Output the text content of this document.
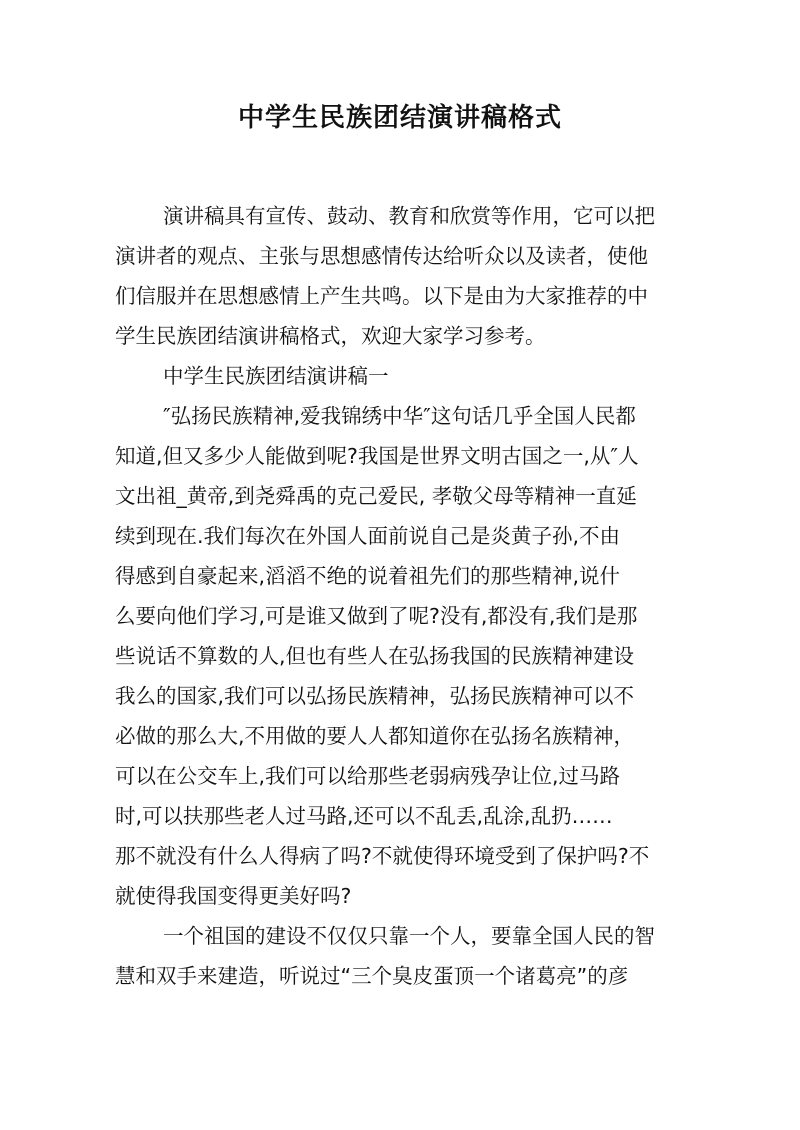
中学生民族团结演讲稿格式
演讲稿具有宣传、鼓动、教育和欣赏等作用，它可以把
演讲者的观点、主张与思想感情传达给听众以及读者，使他
们信服并在思想感情上产生共鸣。以下是由为大家推荐的中
学生民族团结演讲稿格式，欢迎大家学习参考。
中学生民族团结演讲稿一
″弘扬民族精神,爱我锦绣中华″这句话几乎全国人民都
知道,但又多少人能做到呢?我国是世界文明古国之一,从″人
文出祖_黄帝,到尧舜禹的克己爱民, 孝敬父母等精神一直延
续到现在.我们每次在外国人面前说自己是炎黄子孙,不由
得感到自豪起来,滔滔不绝的说着祖先们的那些精神,说什
么要向他们学习,可是谁又做到了呢?没有,都没有,我们是那
些说话不算数的人,但也有些人在弘扬我国的民族精神建设
我么的国家,我们可以弘扬民族精神，弘扬民族精神可以不
必做的那么大,不用做的要人人都知道你在弘扬名族精神，
可以在公交车上,我们可以给那些老弱病残孕让位,过马路
时,可以扶那些老人过马路,还可以不乱丢,乱涂,乱扔……
那不就没有什么人得病了吗?不就使得环境受到了保护吗?不
就使得我国变得更美好吗?
一个祖国的建设不仅仅只靠一个人，要靠全国人民的智
慧和双手来建造，听说过“三个臭皮蛋顶一个诸葛亮”的彦
